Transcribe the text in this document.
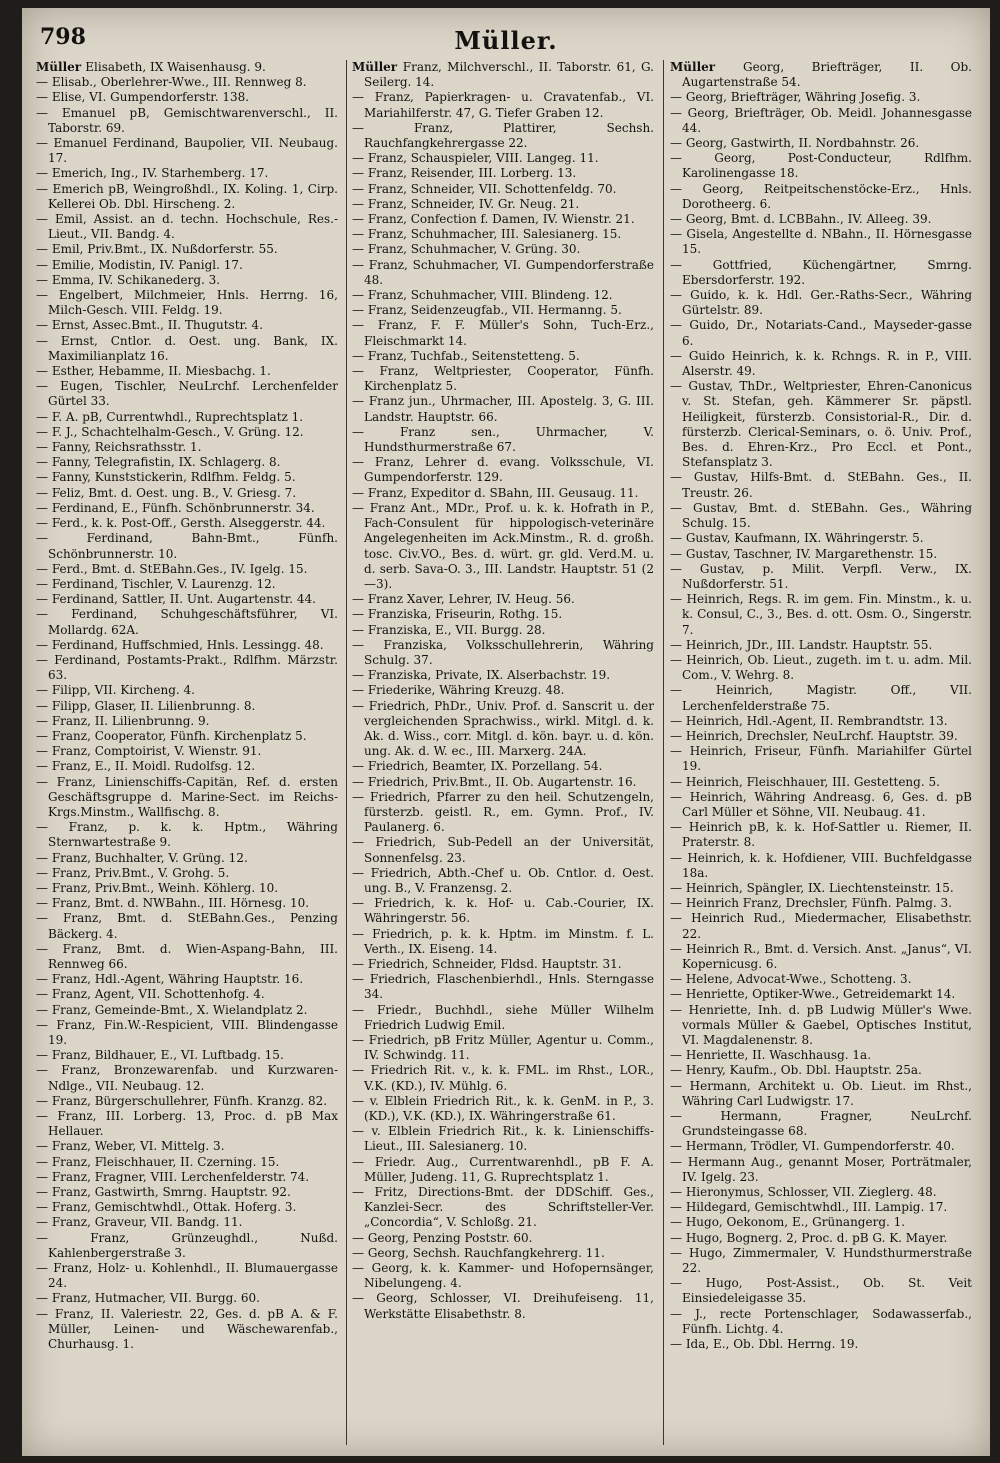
798	Müller.

Müller Elisabeth, IX Waisenhausg. 9.

— Elisab., Oberlehrer-Wwe., III. Rennweg 8.

— Elise, VI. Gumpendorferstr. 138.

— Emanuel pB, Gemischtwarenverschl., II. Taborstr. 69.

— Emanuel Ferdinand, Baupolier, VII. Neubaug. 17.

— Emerich, Ing., IV. Starhemberg. 17.

— Emerich pB, Weingroßhdl., IX. Koling. 1, Cirp. Kellerei Ob. Dbl. Hirscheng. 2.

— Emil, Assist. an d. techn. Hochschule, Res.-Lieut., VII. Bandg. 4.

— Emil, Priv.Bmt., IX. Nußdorferstr. 55.

— Emilie, Modistin, IV. Panigl. 17.

— Emma, IV. Schikanederg. 3.

— Engelbert, Milchmeier, Hnls. Herrng. 16, Milch-Gesch. VIII. Feldg. 19.

— Ernst, Assec.Bmt., II. Thugutstr. 4.

— Ernst, Cntlor. d. Oest. ung. Bank, IX. Maximilianplatz 16.

— Esther, Hebamme, II. Miesbachg. 1.

— Eugen, Tischler, NeuLrchf. Lerchenfelder Gürtel 33.

— F. A. pB, Currentwhdl., Ruprechtsplatz 1.

— F. J., Schachtelhalm-Gesch., V. Grüng. 12.

— Fanny, Reichsrathsstr. 1.

— Fanny, Telegrafistin, IX. Schlagerg. 8.

— Fanny, Kunststickerin, Rdlfhm. Feldg. 5.

— Feliz, Bmt. d. Oest. ung. B., V. Griesg. 7.

— Ferdinand, E., Fünfh. Schönbrunnerstr. 34.

— Ferd., k. k. Post-Off., Gersth. Alseggerstr. 44.

— Ferdinand, Bahn-Bmt., Fünfh. Schönbrunnerstr. 10.

— Ferd., Bmt. d. StEBahn.Ges., IV. Igelg. 15.

— Ferdinand, Tischler, V. Laurenzg. 12.

— Ferdinand, Sattler, II. Unt. Augartenstr. 44.

— Ferdinand, Schuhgeschäftsführer, VI. Mollardg. 62A.

— Ferdinand, Huffschmied, Hnls. Lessingg. 48.

— Ferdinand, Postamts-Prakt., Rdlfhm. Märzstr. 63.

— Filipp, VII. Kircheng. 4.

— Filipp, Glaser, II. Lilienbrunng. 8.

— Franz, II. Lilienbrunng. 9.

— Franz, Cooperator, Fünfh. Kirchenplatz 5.

— Franz, Comptoirist, V. Wienstr. 91.

— Franz, E., II. Moidl. Rudolfsg. 12.

— Franz, Linienschiffs-Capitän, Ref. d. ersten Geschäftsgruppe d. Marine-Sect. im Reichs-Krgs.Minstm., Wallfischg. 8.

— Franz, p. k. k. Hptm., Währing Sternwartestraße 9.

— Franz, Buchhalter, V. Grüng. 12.

— Franz, Priv.Bmt., V. Grohg. 5.

— Franz, Priv.Bmt., Weinh. Köhlerg. 10.

— Franz, Bmt. d. NWBahn., III. Hörnesg. 10.

— Franz, Bmt. d. StEBahn.Ges., Penzing Bäckerg. 4.

— Franz, Bmt. d. Wien-Aspang-Bahn, III. Rennweg 66.

— Franz, Hdl.-Agent, Währing Hauptstr. 16.

— Franz, Agent, VII. Schottenhofg. 4.

— Franz, Gemeinde-Bmt., X. Wielandplatz 2.

— Franz, Fin.W.-Respicient, VIII. Blindengasse 19.

— Franz, Bildhauer, E., VI. Luftbadg. 15.

— Franz, Bronzewarenfab. und Kurzwaren-Ndlge., VII. Neubaug. 12.

— Franz, Bürgerschullehrer, Fünfh. Kranzg. 82.

— Franz, III. Lorberg. 13, Proc. d. pB Max Hellauer.

— Franz, Weber, VI. Mittelg. 3.

— Franz, Fleischhauer, II. Czerning. 15.

— Franz, Fragner, VIII. Lerchenfelderstr. 74.

— Franz, Gastwirth, Smrng. Hauptstr. 92.

— Franz, Gemischtwhdl., Ottak. Hoferg. 3.

— Franz, Graveur, VII. Bandg. 11.

— Franz, Grünzeughdl., Nußd. Kahlenbergerstraße 3.

— Franz, Holz- u. Kohlenhdl., II. Blumauergasse 24.

— Franz, Hutmacher, VII. Burgg. 60.

— Franz, II. Valeriestr. 22, Ges. d. pB A. & F. Müller, Leinen- und Wäschewarenfab., Churhausg. 1.

Müller Franz, Milchverschl., II. Taborstr. 61, G. Seilerg. 14.

— Franz, Papierkragen- u. Cravatenfab., VI. Mariahilferstr. 47, G. Tiefer Graben 12.

— Franz, Plattirer, Sechsh. Rauchfangkehrergasse 22.

— Franz, Schauspieler, VIII. Langeg. 11.

— Franz, Reisender, III. Lorberg. 13.

— Franz, Schneider, VII. Schottenfeldg. 70.

— Franz, Schneider, IV. Gr. Neug. 21.

— Franz, Confection f. Damen, IV. Wienstr. 21.

— Franz, Schuhmacher, III. Salesianerg. 15.

— Franz, Schuhmacher, V. Grüng. 30.

— Franz, Schuhmacher, VI. Gumpendorferstraße 48.

— Franz, Schuhmacher, VIII. Blindeng. 12.

— Franz, Seidenzeugfab., VII. Hermanng. 5.

— Franz, F. F. Müller's Sohn, Tuch-Erz., Fleischmarkt 14.

— Franz, Tuchfab., Seitenstetteng. 5.

— Franz, Weltpriester, Cooperator, Fünfh. Kirchenplatz 5.

— Franz jun., Uhrmacher, III. Apostelg. 3, G. III. Landstr. Hauptstr. 66.

— Franz sen., Uhrmacher, V. Hundsthurmerstraße 67.

— Franz, Lehrer d. evang. Volksschule, VI. Gumpendorferstr. 129.

— Franz, Expeditor d. SBahn, III. Geusaug. 11.

— Franz Ant., MDr., Prof. u. k. k. Hofrath in P., Fach-Consulent für hippologisch-veterinäre Angelegenheiten im Ack.Minstm., R. d. großh. tosc. Civ.VO., Bes. d. würt. gr. gld. Verd.M. u. d. serb. Sava-O. 3., III. Landstr. Hauptstr. 51 (2—3).

— Franz Xaver, Lehrer, IV. Heug. 56.

— Franziska, Friseurin, Rothg. 15.

— Franziska, E., VII. Burgg. 28.

— Franziska, Volksschullehrerin, Währing Schulg. 37.

— Franziska, Private, IX. Alserbachstr. 19.

— Friederike, Währing Kreuzg. 48.

— Friedrich, PhDr., Univ. Prof. d. Sanscrit u. der vergleichenden Sprachwiss., wirkl. Mitgl. d. k. Ak. d. Wiss., corr. Mitgl. d. kön. bayr. u. d. kön. ung. Ak. d. W. ec., III. Marxerg. 24A.

— Friedrich, Beamter, IX. Porzellang. 54.

— Friedrich, Priv.Bmt., II. Ob. Augartenstr. 16.

— Friedrich, Pfarrer zu den heil. Schutzengeln, fürsterzb. geistl. R., em. Gymn. Prof., IV. Paulanerg. 6.

— Friedrich, Sub-Pedell an der Universität, Sonnenfelsg. 23.

— Friedrich, Abth.-Chef u. Ob. Cntlor. d. Oest. ung. B., V. Franzensg. 2.

— Friedrich, k. k. Hof- u. Cab.-Courier, IX. Währingerstr. 56.

— Friedrich, p. k. k. Hptm. im Minstm. f. L. Verth., IX. Eiseng. 14.

— Friedrich, Schneider, Fldsd. Hauptstr. 31.

— Friedrich, Flaschenbierhdl., Hnls. Sterngasse 34.

— Friedr., Buchhdl., siehe Müller Wilhelm Friedrich Ludwig Emil.

— Friedrich, pB Fritz Müller, Agentur u. Comm., IV. Schwindg. 11.

— Friedrich Rit. v., k. k. FML. im Rhst., LOR., V.K. (KD.), IV. Mühlg. 6.

— v. Elblein Friedrich Rit., k. k. GenM. in P., 3. (KD.), V.K. (KD.), IX. Währingerstraße 61.

— v. Elblein Friedrich Rit., k. k. Linienschiffs-Lieut., III. Salesianerg. 10.

— Friedr. Aug., Currentwarenhdl., pB F. A. Müller, Judeng. 11, G. Ruprechtsplatz 1.

— Fritz, Directions-Bmt. der DDSchiff. Ges., Kanzlei-Secr. des Schriftsteller-Ver. „Concordia“, V. Schloßg. 21.

— Georg, Penzing Poststr. 60.

— Georg, Sechsh. Rauchfangkehrerg. 11.

— Georg, k. k. Kammer- und Hofopernsänger, Nibelungeng. 4.

— Georg, Schlosser, VI. Dreihufeiseng. 11, Werkstätte Elisabethstr. 8.

Müller Georg, Briefträger, II. Ob. Augartenstraße 54.

— Georg, Briefträger, Währing Josefig. 3.

— Georg, Briefträger, Ob. Meidl. Johannesgasse 44.

— Georg, Gastwirth, II. Nordbahnstr. 26.

— Georg, Post-Conducteur, Rdlfhm. Karolinengasse 18.

— Georg, Reitpeitschenstöcke-Erz., Hnls. Dorotheerg. 6.

— Georg, Bmt. d. LCBBahn., IV. Alleeg. 39.

— Gisela, Angestellte d. NBahn., II. Hörnesgasse 15.

— Gottfried, Küchengärtner, Smrng. Ebersdorferstr. 192.

— Guido, k. k. Hdl. Ger.-Raths-Secr., Währing Gürtelstr. 89.

— Guido, Dr., Notariats-Cand., Mayseder-gasse 6.

— Guido Heinrich, k. k. Rchngs. R. in P., VIII. Alserstr. 49.

— Gustav, ThDr., Weltpriester, Ehren-Canonicus v. St. Stefan, geh. Kämmerer Sr. päpstl. Heiligkeit, fürsterzb. Consistorial-R., Dir. d. fürsterzb. Clerical-Seminars, o. ö. Univ. Prof., Bes. d. Ehren-Krz., Pro Eccl. et Pont., Stefansplatz 3.

— Gustav, Hilfs-Bmt. d. StEBahn. Ges., II. Treustr. 26.

— Gustav, Bmt. d. StEBahn. Ges., Währing Schulg. 15.

— Gustav, Kaufmann, IX. Währingerstr. 5.

— Gustav, Taschner, IV. Margarethenstr. 15.

— Gustav, p. Milit. Verpfl. Verw., IX. Nußdorferstr. 51.

— Heinrich, Regs. R. im gem. Fin. Minstm., k. u. k. Consul, C., 3., Bes. d. ott. Osm. O., Singerstr. 7.

— Heinrich, JDr., III. Landstr. Hauptstr. 55.

— Heinrich, Ob. Lieut., zugeth. im t. u. adm. Mil. Com., V. Wehrg. 8.

— Heinrich, Magistr. Off., VII. Lerchenfelderstraße 75.

— Heinrich, Hdl.-Agent, II. Rembrandtstr. 13.

— Heinrich, Drechsler, NeuLrchf. Hauptstr. 39.

— Heinrich, Friseur, Fünfh. Mariahilfer Gürtel 19.

— Heinrich, Fleischhauer, III. Gestetteng. 5.

— Heinrich, Währing Andreasg. 6, Ges. d. pB Carl Müller et Söhne, VII. Neubaug. 41.

— Heinrich pB, k. k. Hof-Sattler u. Riemer, II. Praterstr. 8.

— Heinrich, k. k. Hofdiener, VIII. Buchfeldgasse 18a.

— Heinrich, Spängler, IX. Liechtensteinstr. 15.

— Heinrich Franz, Drechsler, Fünfh. Palmg. 3.

— Heinrich Rud., Miedermacher, Elisabethstr. 22.

— Heinrich R., Bmt. d. Versich. Anst. „Janus“, VI. Kopernicusg. 6.

— Helene, Advocat-Wwe., Schotteng. 3.

— Henriette, Optiker-Wwe., Getreidemarkt 14.

— Henriette, Inh. d. pB Ludwig Müller's Wwe. vormals Müller & Gaebel, Optisches Institut, VI. Magdalenenstr. 8.

— Henriette, II. Waschhausg. 1a.

— Henry, Kaufm., Ob. Dbl. Hauptstr. 25a.

— Hermann, Architekt u. Ob. Lieut. im Rhst., Währing Carl Ludwigstr. 17.

— Hermann, Fragner, NeuLrchf. Grundsteingasse 68.

— Hermann, Trödler, VI. Gumpendorferstr. 40.

— Hermann Aug., genannt Moser, Porträtmaler, IV. Igelg. 23.

— Hieronymus, Schlosser, VII. Zieglerg. 48.

— Hildegard, Gemischtwhdl., III. Lampig. 17.

— Hugo, Oekonom, E., Grünangerg. 1.

— Hugo, Bognerg. 2, Proc. d. pB G. K. Mayer.

— Hugo, Zimmermaler, V. Hundsthurmerstraße 22.

— Hugo, Post-Assist., Ob. St. Veit Einsiedeleigasse 35.

— J., recte Portenschlager, Sodawasserfab., Fünfh. Lichtg. 4.

— Ida, E., Ob. Dbl. Herrng. 19.
